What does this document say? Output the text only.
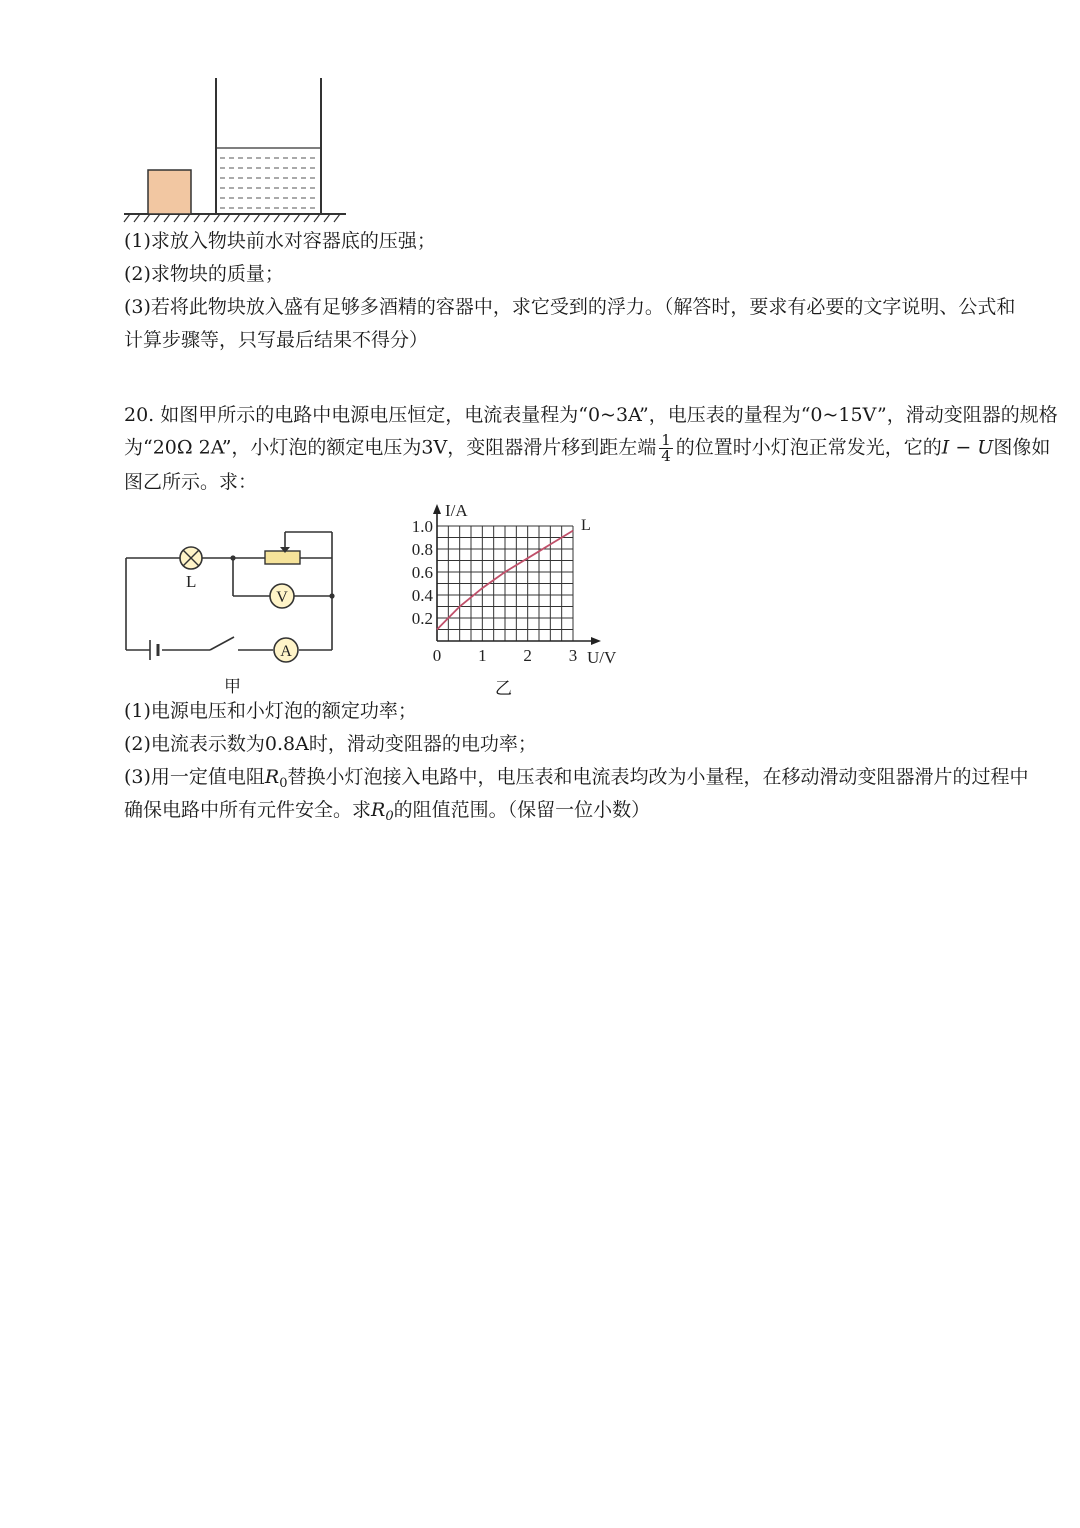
(1)求放入物块前水对容器底的压强；
(2)求物块的质量；
(3)若将此物块放入盛有足够多酒精的容器中，求它受到的浮力。（解答时，要求有必要的文字说明、公式和
计算步骤等，只写最后结果不得分）
20. 如图甲所示的电路中电源电压恒定，电流表量程为“0~3A”，电压表的量程为“0~15V”，滑动变阻器的规格
为“20Ω 2A”，小灯泡的额定电压为3V，变阻器滑片移到距左端 $\frac{1}{4}$ 的位置时小灯泡正常发光，它的I − U图像如
图乙所示。求：
L
V
A
甲
0 1 2 3
1.0
0.8
0.6
0.4
0.2
L
I/A
U/V
乙
(1)电源电压和小灯泡的额定功率；
(2)电流表示数为0.8A时，滑动变阻器的电功率；
(3)用一定值电阻$R_0$替换小灯泡接入电路中，电压表和电流表均改为小量程，在移动滑动变阻器滑片的过程中
确保电路中所有元件安全。求$R_0$的阻值范围。（保留一位小数）
